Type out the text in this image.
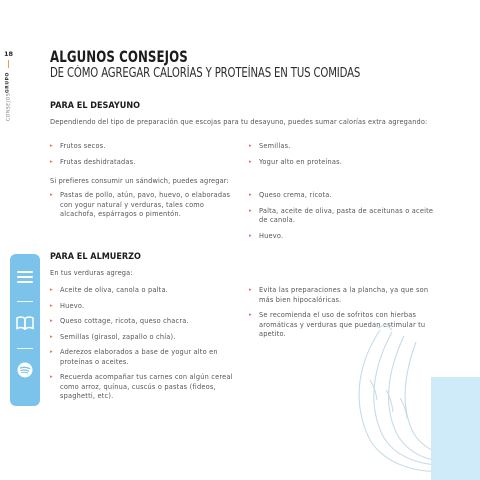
18
CONSEJOS
GRUPO
ALGUNOS CONSEJOS
DE CÓMO AGREGAR CALORÍAS Y PROTEÍNAS EN TUS COMIDAS
PARA EL DESAYUNO
Dependiendo del tipo de preparación que escojas para tu desayuno, puedes sumar calorías extra agregando:
▸ Frutos secos.
▸ Frutas deshidratadas.
▸ Semillas.
▸ Yogur alto en proteínas.
Si prefieres consumir un sándwich, puedes agregar:
▸ Pastas de pollo, atún, pavo, huevo, o elaboradas con yogur natural y verduras, tales como alcachofa, espárragos o pimentón.
▸ Queso crema, ricota.
▸ Palta, aceite de oliva, pasta de aceitunas o aceite de canola.
▸ Huevo.
PARA EL ALMUERZO
En tus verduras agrega:
▸ Aceite de oliva, canola o palta.
▸ Huevo.
▸ Queso cottage, ricota, queso chacra.
▸ Semillas (girasol, zapallo o chía).
▸ Aderezos elaborados a base de yogur alto en proteínas o aceites.
▸ Recuerda acompañar tus carnes con algún cereal como arroz, quínua, cuscús o pastas (fideos, spaghetti, etc).
▸ Evita las preparaciones a la plancha, ya que son más bien hipocalóricas.
▸ Se recomienda el uso de sofritos con hierbas aromáticas y verduras que puedan estimular tu apetito.
